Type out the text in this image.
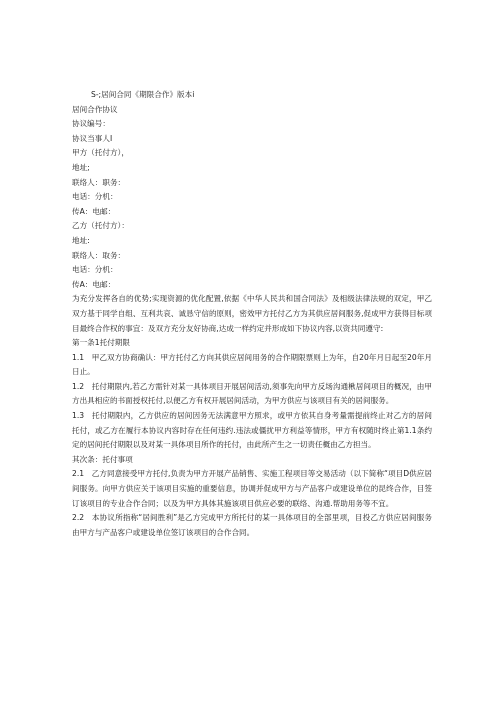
S-;居间合同《期限合作》版本i
居间合作协议
协议编号：
协议当事人I
甲方（托付方），
地址;
联络人：职务：
电话：分机：
传A：电邮：
乙方（托付方）：
地址:
联络人：取务：
电话：分机：
传A：电邮：
为充分发挥各自的优势;实现资源的优化配置,依据《中华人民共和国合同法》及相级法律法规的双定，甲乙双方基于同学自组、互利共哀、诚恳守信的原则，密效甲方托付乙方为其供应居间服务,促成甲方获得目标项目最终合作权的事宜：及双方充分友好协商,达成一样约定并形成如下协议内容,以资共同遵守:
第一条1托付期限
1.1　甲乙双方协商确认：甲方托付乙方向其供应居间用务的合作期限票则上为年，自20年月日起至20年月日止。
1.2　托付期限内,若乙方需针对某一具体项目开展居间活动,须事先向甲方反场沟通楸居间项目的概况，由甲方出具相应的书面授权托付,以便乙方有权开展居间活动，为甲方供应与该项目有关的居间服务。
1.3　托付期限内，乙方供应的居间因务无法满意甲方照求，或甲方依其自身考量需提前终止对乙方的居间托付，或乙方在履行本协议内容时存在任何违约.违法或僵扰甲方利益等情形，甲方有权随时终止第1.1条约定的居间托付期限以及对某一具体项目所作的托付，由此所产生之一切责任概由乙方担当。
其次条：托付事项
2.1　乙方同意接受甲方托付,负责为甲方开展产品销售、实施工程项目等交易活动（以下简称“项目D供应居间服务。向甲方供应关于该项目实施的重要信息，协调并促成甲方与产品客户或建设单位的昆终合作，目签订该项目的专业合作合同；以及为甲方具体其施该项目供应必要的联络、沟通.帮助用务等不宜。
2.2　本协议所指称“居间胜利”是乙方完成甲方所托付的某一具体项目的全部里项，目投乙方供应居间服务由甲方与产品客户或建设单位签订该项目的合作合同。
